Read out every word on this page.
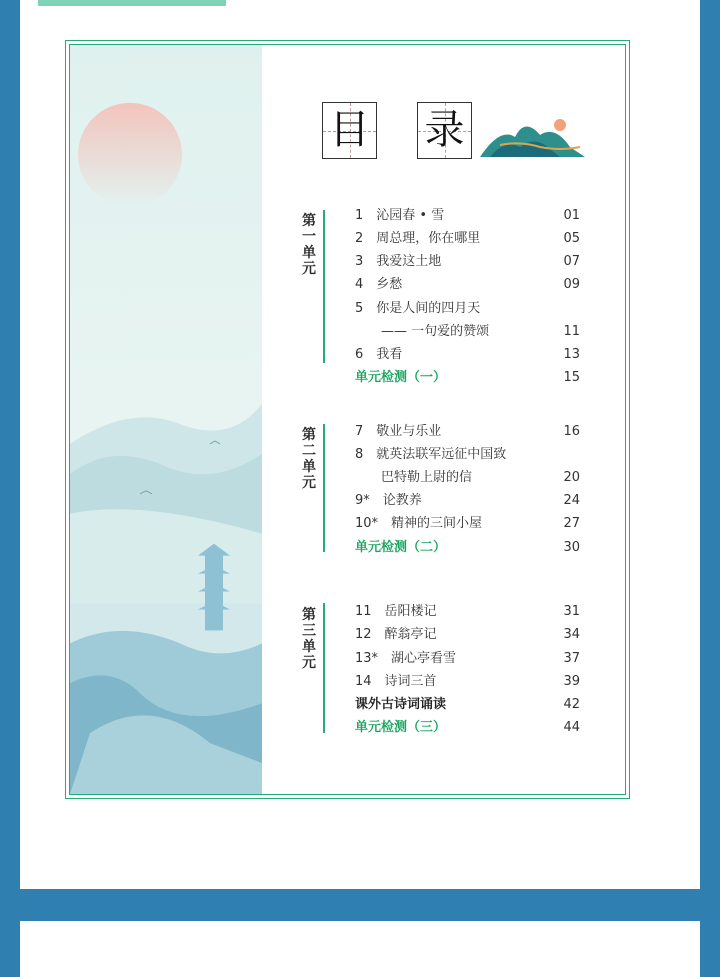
目 录
第
一
单
元
1　沁园春 • 雪	01
2　周总理，你在哪里	05
3　我爱这土地	07
4　乡愁	09
5　你是人间的四月天
　　—— 一句爱的赞颂	11
6　我看	13
单元检测（一）	15
第
二
单
元
7　敬业与乐业	16
8　就英法联军远征中国致
　　巴特勒上尉的信	20
9*　论教养	24
10*　精神的三间小屋	27
单元检测（二）	30
第
三
单
元
11　岳阳楼记	31
12　醉翁亭记	34
13*　湖心亭看雪	37
14　诗词三首	39
课外古诗词诵读	42
单元检测（三）	44
